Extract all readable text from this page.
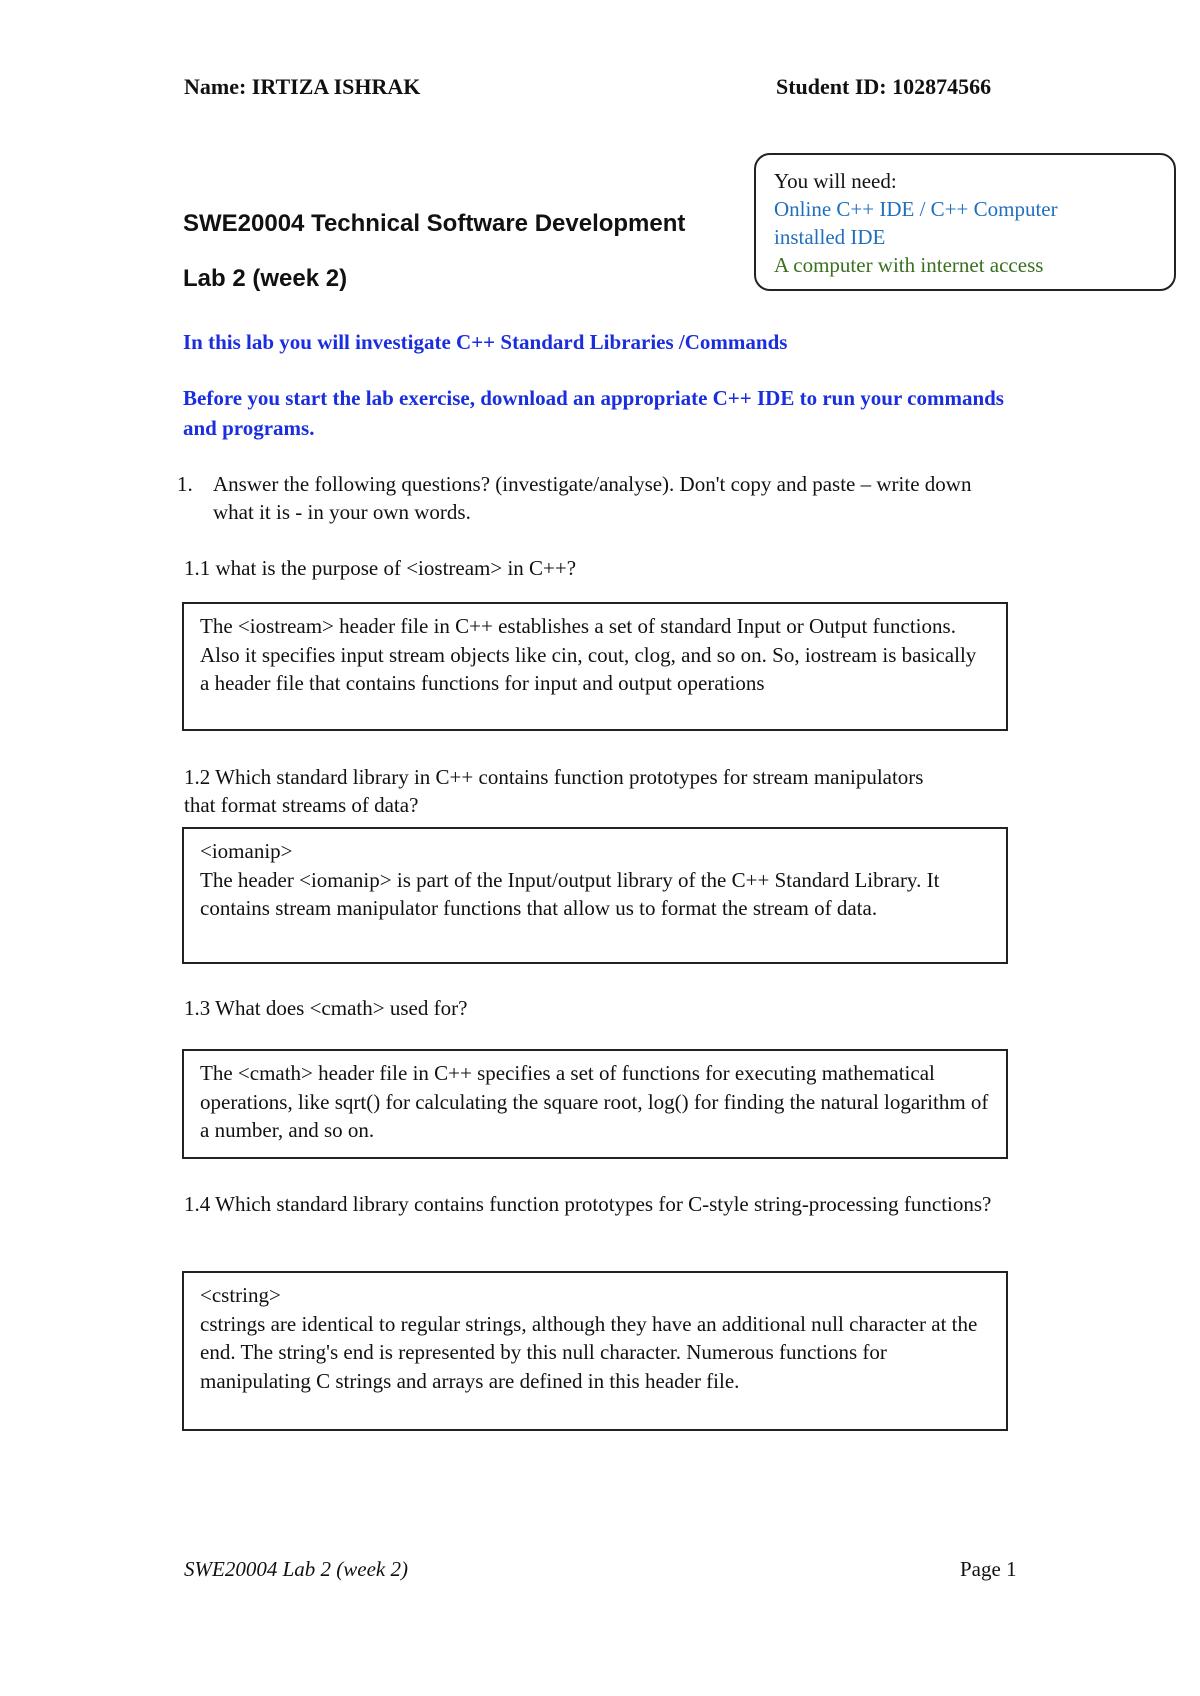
Name: IRTIZA ISHRAK	Student ID: 102874566
SWE20004 Technical Software Development
Lab 2 (week 2)

You will need:

Online C++ IDE / C++ Computer

installed IDE

A computer with internet access

In this lab you will investigate C++ Standard Libraries /Commands
Before you start the lab exercise, download an appropriate C++ IDE to run your commands and programs.
1. Answer the following questions? (investigate/analyse). Don't copy and paste – write down what it is - in your own words.
1.1 what is the purpose of <iostream> in C++?

The <iostream> header file in C++ establishes a set of standard Input or Output functions. Also it specifies input stream objects like cin, cout, clog, and so on. So, iostream is basically a header file that contains functions for input and output operations

1.2 Which standard library in C++ contains function prototypes for stream manipulators that format streams of data?

<iomanip>

The header <iomanip> is part of the Input/output library of the C++ Standard Library. It contains stream manipulator functions that allow us to format the stream of data.

1.3 What does <cmath> used for?

The <cmath> header file in C++ specifies a set of functions for executing mathematical operations, like sqrt() for calculating the square root, log() for finding the natural logarithm of a number, and so on.

1.4 Which standard library contains function prototypes for C-style string-processing functions?

<cstring>

cstrings are identical to regular strings, although they have an additional null character at the end. The string's end is represented by this null character. Numerous functions for manipulating C strings and arrays are defined in this header file.

SWE20004 Lab 2 (week 2)	Page 1
